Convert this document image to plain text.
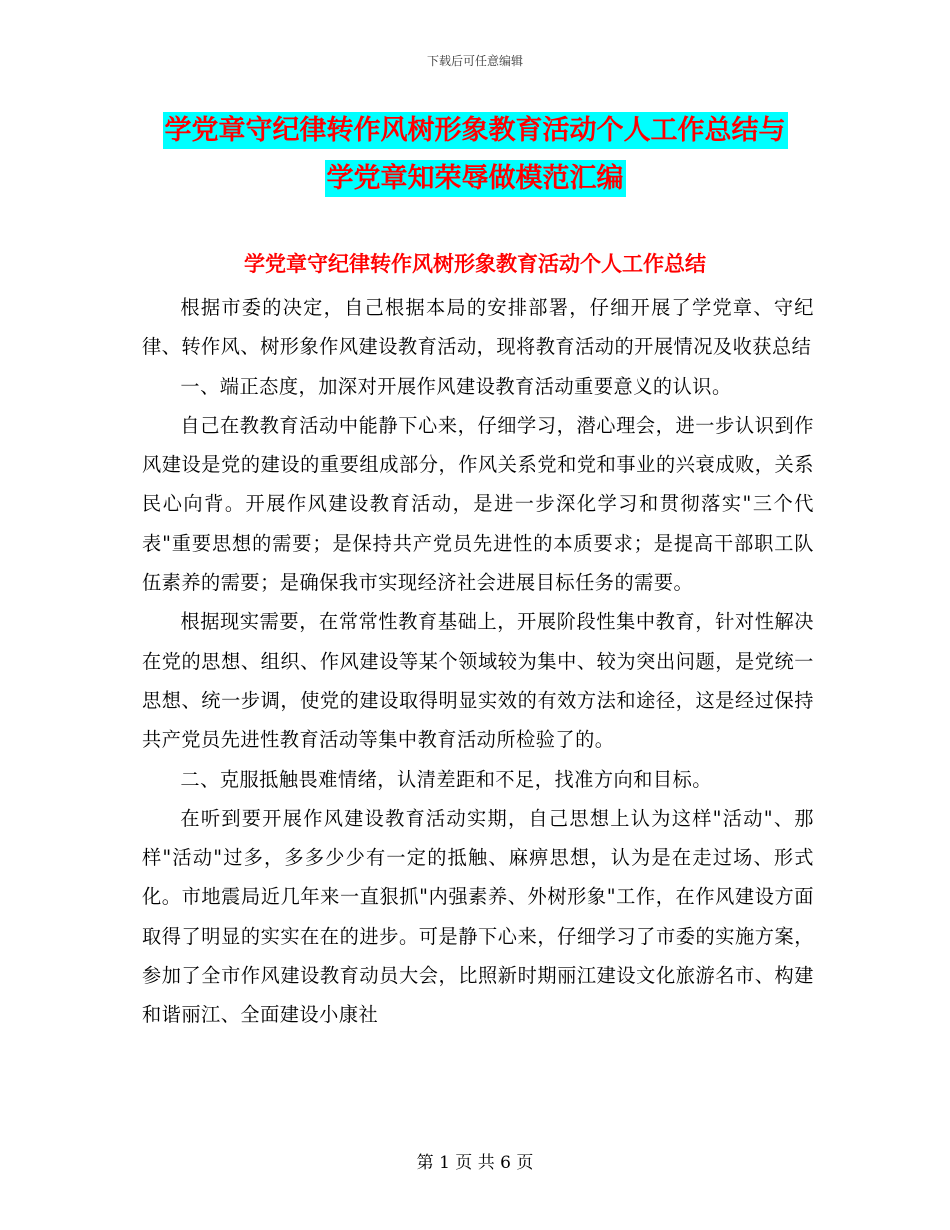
下载后可任意编辑
学党章守纪律转作风树形象教育活动个人工作总结与
学党章知荣辱做模范汇编
学党章守纪律转作风树形象教育活动个人工作总结

根据市委的决定，自己根据本局的安排部署，仔细开展了学党章、守纪律、转作风、树形象作风建设教育活动，现将教育活动的开展情况及收获总结

一、端正态度，加深对开展作风建设教育活动重要意义的认识。

自己在教教育活动中能静下心来，仔细学习，潜心理会，进一步认识到作风建设是党的建设的重要组成部分，作风关系党和党和事业的兴衰成败，关系民心向背。开展作风建设教育活动，是进一步深化学习和贯彻落实"三个代表"重要思想的需要；是保持共产党员先进性的本质要求；是提高干部职工队伍素养的需要；是确保我市实现经济社会进展目标任务的需要。

根据现实需要，在常常性教育基础上，开展阶段性集中教育，针对性解决在党的思想、组织、作风建设等某个领域较为集中、较为突出问题，是党统一思想、统一步调，使党的建设取得明显实效的有效方法和途径，这是经过保持共产党员先进性教育活动等集中教育活动所检验了的。

二、克服抵触畏难情绪，认清差距和不足，找准方向和目标。

在听到要开展作风建设教育活动实期，自己思想上认为这样"活动"、那样"活动"过多，多多少少有一定的抵触、麻痹思想，认为是在走过场、形式化。市地震局近几年来一直狠抓"内强素养、外树形象"工作，在作风建设方面取得了明显的实实在在的进步。可是静下心来，仔细学习了市委的实施方案，参加了全市作风建设教育动员大会，比照新时期丽江建设文化旅游名市、构建和谐丽江、全面建设小康社

第 1 页 共 6 页
